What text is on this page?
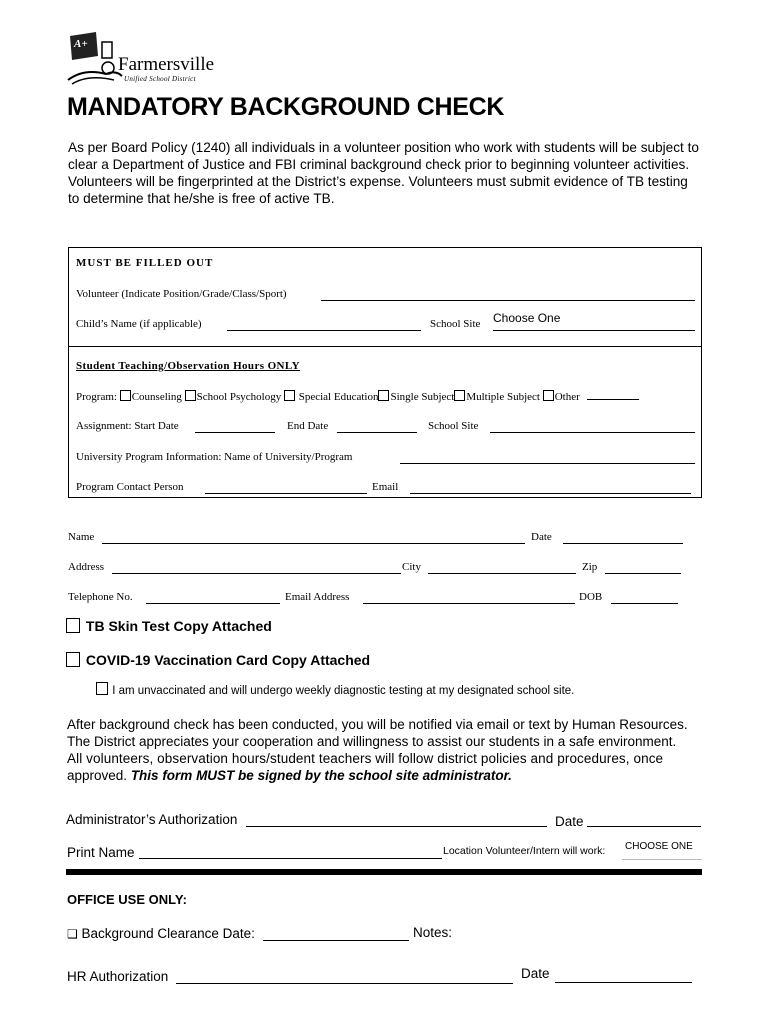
A+
Farmersville
Unified School District
MANDATORY BACKGROUND CHECK
As per Board Policy (1240) all individuals in a volunteer position who work with students will be subject to
clear a Department of Justice and FBI criminal background check prior to beginning volunteer activities.
Volunteers will be fingerprinted at the District’s expense. Volunteers must submit evidence of TB testing
to determine that he/she is free of active TB.
MUST BE FILLED OUT
Volunteer (Indicate Position/Grade/Class/Sport)
Child’s Name (if applicable)	School Site Choose One
Student Teaching/Observation Hours ONLY
Program: Counseling School Psychology Special Education Single Subject Multiple Subject Other
Assignment: Start Date	End Date	School Site
University Program Information: Name of University/Program
Program Contact Person	Email
Name	Date
Address	City	Zip
Telephone No.	Email Address	DOB
TB Skin Test Copy Attached
COVID-19 Vaccination Card Copy Attached
I am unvaccinated and will undergo weekly diagnostic testing at my designated school site.
After background check has been conducted, you will be notified via email or text by Human Resources.
The District appreciates your cooperation and willingness to assist our students in a safe environment.
All volunteers, observation hours/student teachers will follow district policies and procedures, once
approved. This form MUST be signed by the school site administrator.
Administrator’s Authorization	Date
Print Name	Location Volunteer/Intern will work: CHOOSE ONE
OFFICE USE ONLY:
❑ Background Clearance Date:	Notes:
HR Authorization	Date
